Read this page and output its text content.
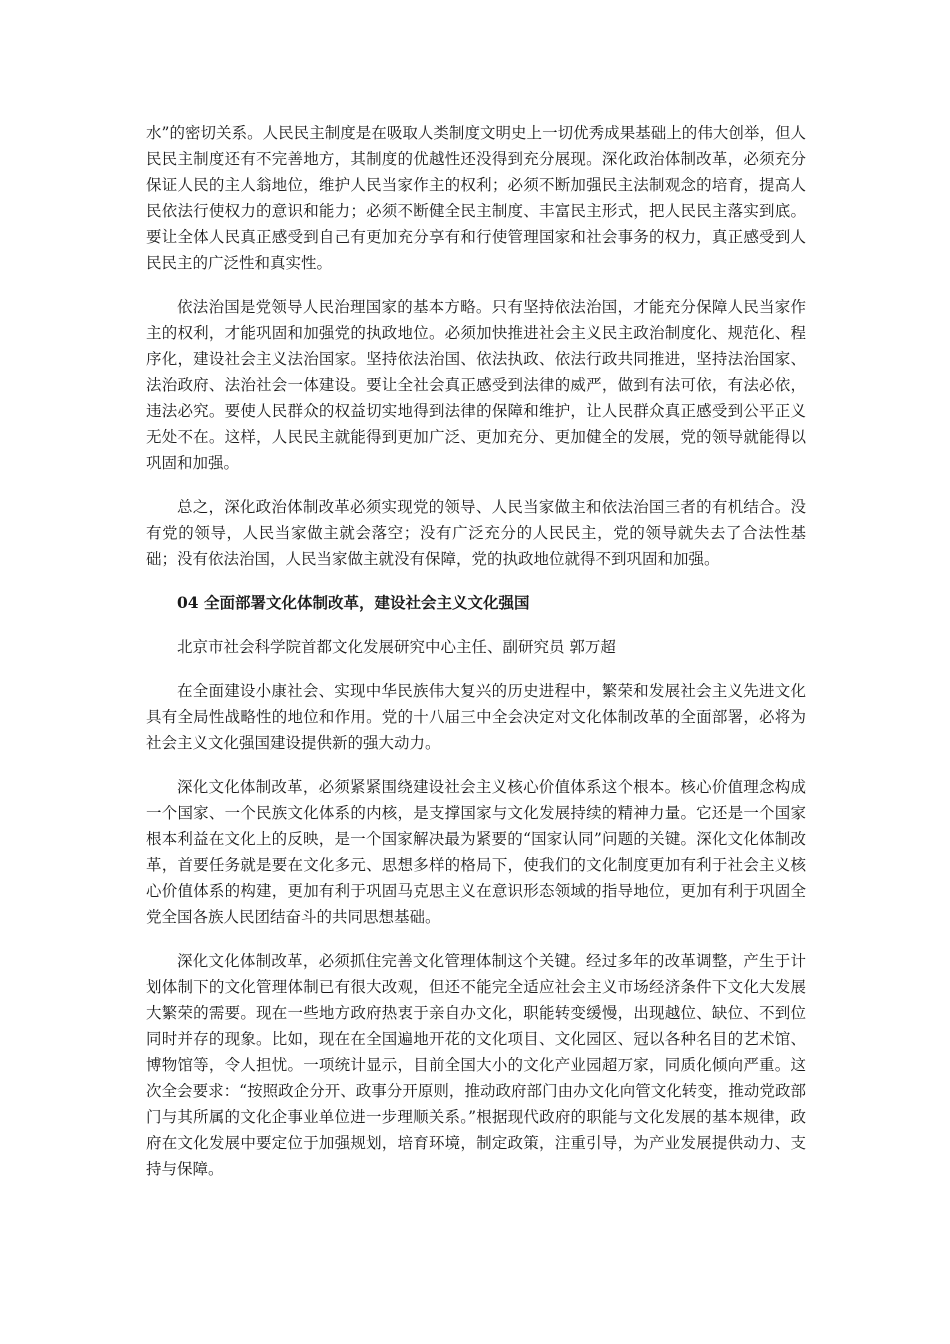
水”的密切关系。人民民主制度是在吸取人类制度文明史上一切优秀成果基础上的伟大创举，但人民民主制度还有不完善地方，其制度的优越性还没得到充分展现。深化政治体制改革，必须充分保证人民的主人翁地位，维护人民当家作主的权利；必须不断加强民主法制观念的培育，提高人民依法行使权力的意识和能力；必须不断健全民主制度、丰富民主形式，把人民民主落实到底。要让全体人民真正感受到自己有更加充分享有和行使管理国家和社会事务的权力，真正感受到人民民主的广泛性和真实性。

依法治国是党领导人民治理国家的基本方略。只有坚持依法治国，才能充分保障人民当家作主的权利，才能巩固和加强党的执政地位。必须加快推进社会主义民主政治制度化、规范化、程序化，建设社会主义法治国家。坚持依法治国、依法执政、依法行政共同推进，坚持法治国家、法治政府、法治社会一体建设。要让全社会真正感受到法律的威严，做到有法可依，有法必依，违法必究。要使人民群众的权益切实地得到法律的保障和维护，让人民群众真正感受到公平正义无处不在。这样，人民民主就能得到更加广泛、更加充分、更加健全的发展，党的领导就能得以巩固和加强。

总之，深化政治体制改革必须实现党的领导、人民当家做主和依法治国三者的有机结合。没有党的领导，人民当家做主就会落空；没有广泛充分的人民民主，党的领导就失去了合法性基础；没有依法治国，人民当家做主就没有保障，党的执政地位就得不到巩固和加强。

04 全面部署文化体制改革，建设社会主义文化强国

北京市社会科学院首都文化发展研究中心主任、副研究员 郭万超

在全面建设小康社会、实现中华民族伟大复兴的历史进程中，繁荣和发展社会主义先进文化具有全局性战略性的地位和作用。党的十八届三中全会决定对文化体制改革的全面部署，必将为社会主义文化强国建设提供新的强大动力。

深化文化体制改革，必须紧紧围绕建设社会主义核心价值体系这个根本。核心价值理念构成一个国家、一个民族文化体系的内核，是支撑国家与文化发展持续的精神力量。它还是一个国家根本利益在文化上的反映，是一个国家解决最为紧要的“国家认同”问题的关键。深化文化体制改革，首要任务就是要在文化多元、思想多样的格局下，使我们的文化制度更加有利于社会主义核心价值体系的构建，更加有利于巩固马克思主义在意识形态领域的指导地位，更加有利于巩固全党全国各族人民团结奋斗的共同思想基础。

深化文化体制改革，必须抓住完善文化管理体制这个关键。经过多年的改革调整，产生于计划体制下的文化管理体制已有很大改观，但还不能完全适应社会主义市场经济条件下文化大发展大繁荣的需要。现在一些地方政府热衷于亲自办文化，职能转变缓慢，出现越位、缺位、不到位同时并存的现象。比如，现在在全国遍地开花的文化项目、文化园区、冠以各种名目的艺术馆、博物馆等，令人担忧。一项统计显示，目前全国大小的文化产业园超万家，同质化倾向严重。这次全会要求：“按照政企分开、政事分开原则，推动政府部门由办文化向管文化转变，推动党政部门与其所属的文化企事业单位进一步理顺关系。”根据现代政府的职能与文化发展的基本规律，政府在文化发展中要定位于加强规划，培育环境，制定政策，注重引导，为产业发展提供动力、支持与保障。
